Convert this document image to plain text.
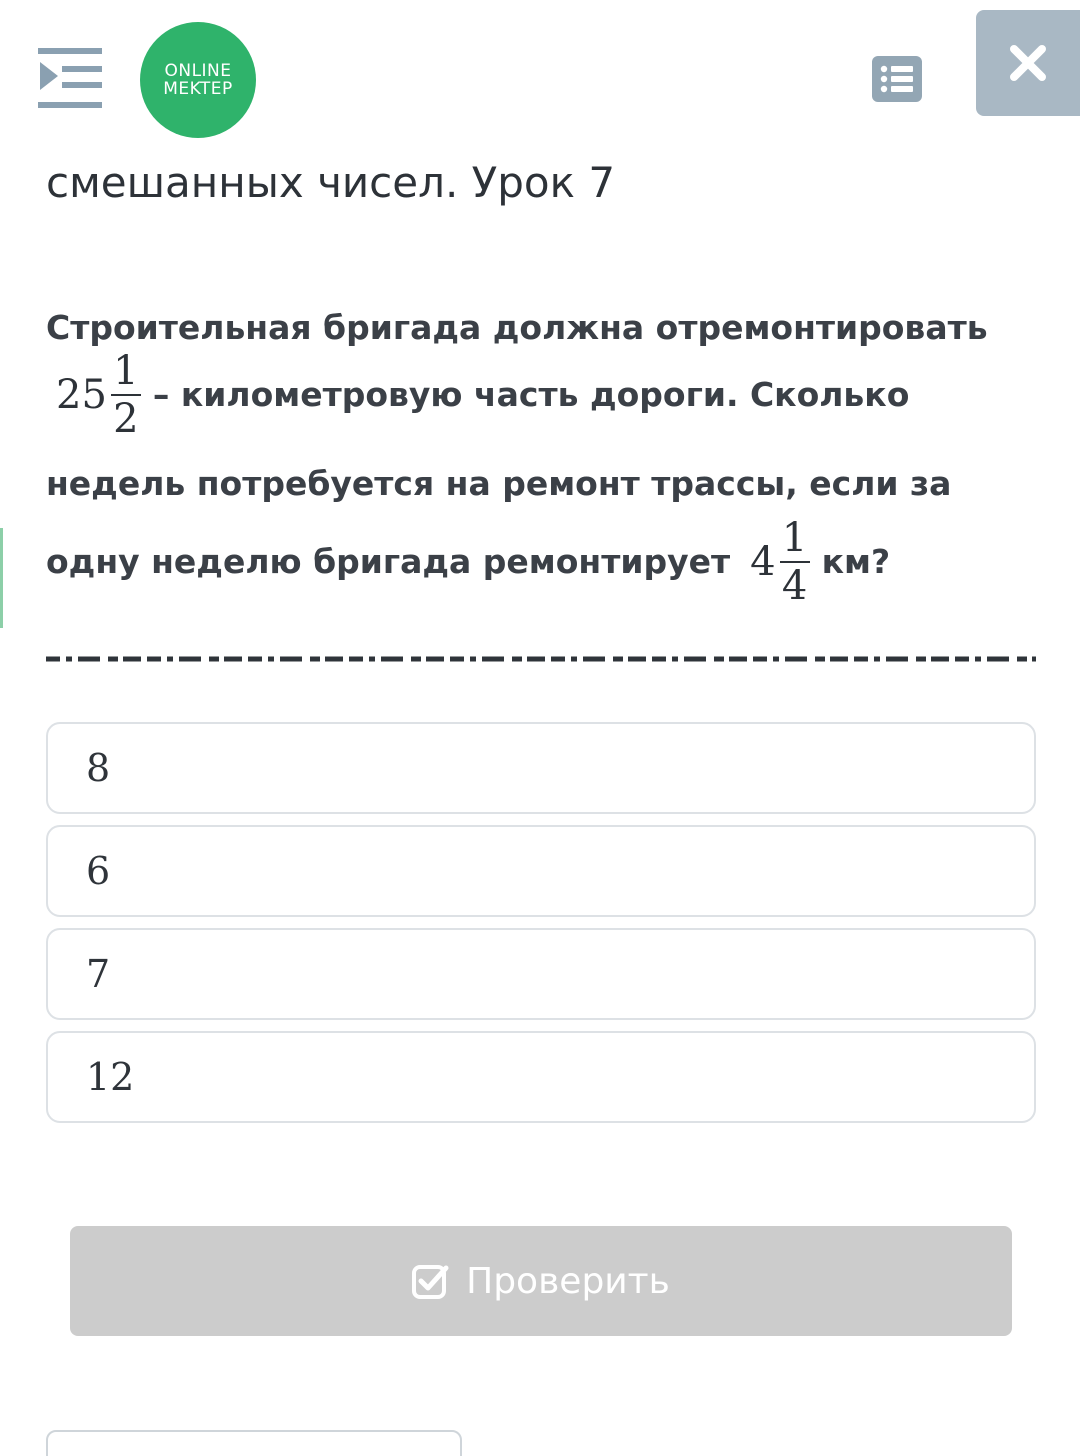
ONLINE
MEKTEP
смешанных чисел. Урок 7
Строительная бригада должна отремонтировать
$25 \frac{1}{2}$ – километровую часть дороги. Сколько
недель потребуется на ремонт трассы, если за
одну неделю бригада ремонтирует $4 \frac{1}{4}$ км?
8
6
7
12
Проверить
